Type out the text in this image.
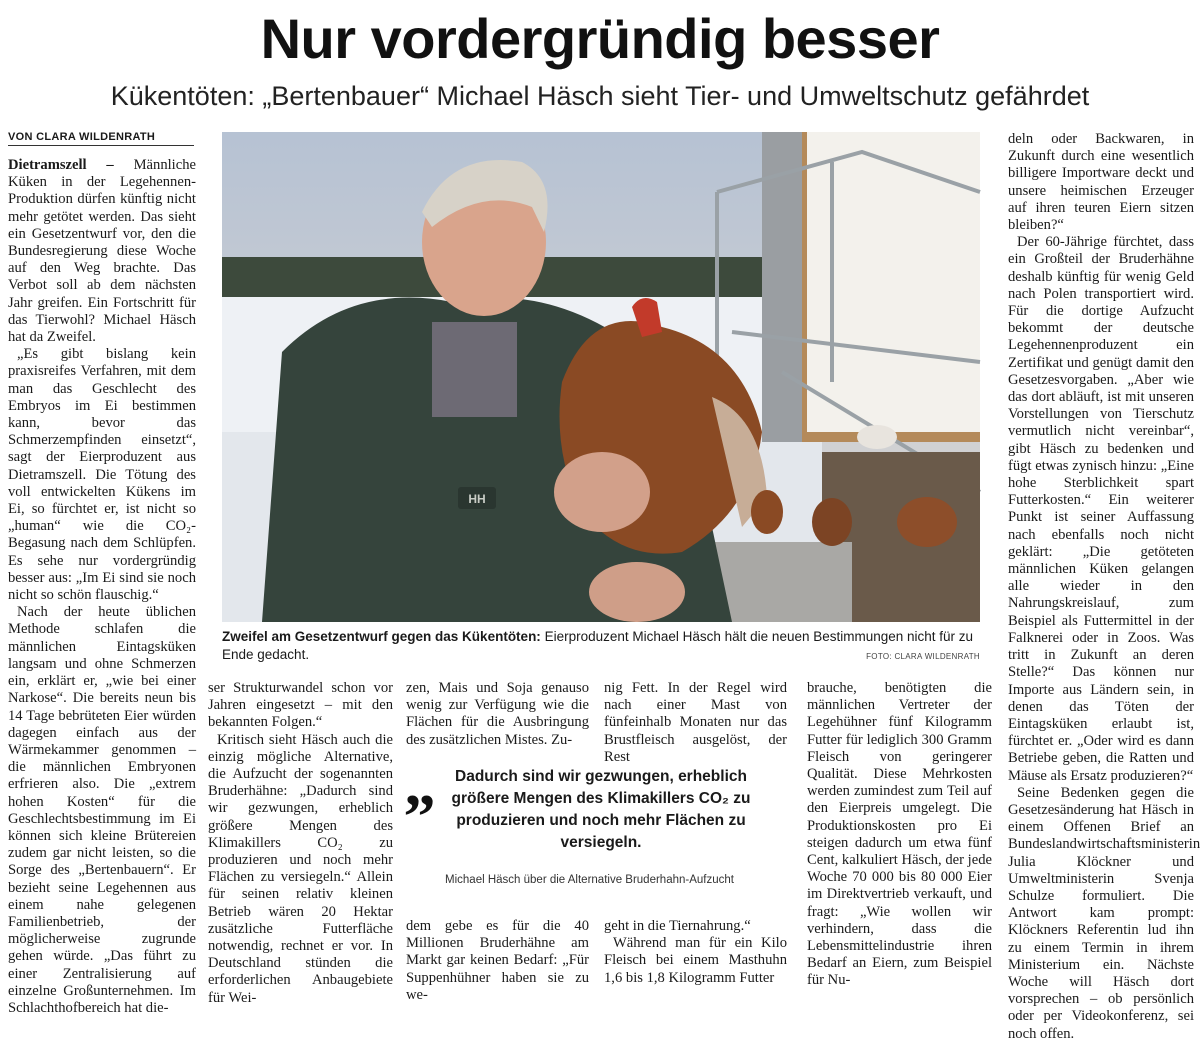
Nur vordergründig besser
Kükentöten: „Bertenbauer“ Michael Häsch sieht Tier- und Umweltschutz gefährdet
VON CLARA WILDENRATH

Dietramszell – Männliche Küken in der Legehennen-Produktion dürfen künftig nicht mehr getötet werden. Das sieht ein Gesetzentwurf vor, den die Bundesregierung diese Woche auf den Weg brachte. Das Verbot soll ab dem nächsten Jahr greifen. Ein Fortschritt für das Tierwohl? Michael Häsch hat da Zweifel.

„Es gibt bislang kein praxisreifes Verfahren, mit dem man das Geschlecht des Embryos im Ei bestimmen kann, bevor das Schmerzempfinden einsetzt“, sagt der Eierproduzent aus Dietramszell. Die Tötung des voll entwickelten Kükens im Ei, so fürchtet er, ist nicht so „human“ wie die CO₂-Begasung nach dem Schlüpfen. Es sehe nur vordergründig besser aus: „Im Ei sind sie noch nicht so schön flauschig.“

Nach der heute üblichen Methode schlafen die männlichen Eintagsküken langsam und ohne Schmerzen ein, erklärt er, „wie bei einer Narkose“. Die bereits neun bis 14 Tage bebrüteten Eier würden dagegen einfach aus der Wärmekammer genommen – die männlichen Embryonen erfrieren also. Die „extrem hohen Kosten“ für die Geschlechtsbestimmung im Ei können sich kleine Brütereien zudem gar nicht leisten, so die Sorge des „Bertenbauern“. Er bezieht seine Legehennen aus einem nahe gelegenen Familienbetrieb, der möglicherweise zugrunde gehen würde. „Das führt zu einer Zentralisierung auf einzelne Großunternehmen. Im Schlachthofbereich hat die-

HH
Zweifel am Gesetzentwurf gegen das Kükentöten: Eierproduzent Michael Häsch hält die neuen Bestimmungen nicht für zu Ende gedacht.	FOTO: CLARA WILDENRATH

ser Strukturwandel schon vor Jahren eingesetzt – mit den bekannten Folgen.“

Kritisch sieht Häsch auch die einzig mögliche Alternative, die Aufzucht der sogenannten Bruderhähne: „Dadurch sind wir gezwungen, erheblich größere Mengen des Klimakillers CO₂ zu produzieren und noch mehr Flächen zu versiegeln.“ Allein für seinen relativ kleinen Betrieb wären 20 Hektar zusätzliche Futterfläche notwendig, rechnet er vor. In Deutschland stünden die erforderlichen Anbaugebiete für Wei-

zen, Mais und Soja genauso wenig zur Verfügung wie die Flächen für die Ausbringung des zusätzlichen Mistes. Zu-

dem gebe es für die 40 Millionen Bruderhähne am Markt gar keinen Bedarf: „Für Suppenhühner haben sie zu we-

nig Fett. In der Regel wird nach einer Mast von fünfeinhalb Monaten nur das Brustfleisch ausgelöst, der Rest

geht in die Tiernahrung.“

Während man für ein Kilo Fleisch bei einem Masthuhn 1,6 bis 1,8 Kilogramm Futter

„	Dadurch sind wir gezwungen, erheblich größere Mengen des Klimakillers CO₂ zu produzieren und noch mehr Flächen zu versiegeln.
Michael Häsch über die Alternative Bruderhahn-Aufzucht

brauche, benötigten die männlichen Vertreter der Legehühner fünf Kilogramm Futter für lediglich 300 Gramm Fleisch von geringerer Qualität. Diese Mehrkosten werden zumindest zum Teil auf den Eierpreis umgelegt. Die Produktionskosten pro Ei steigen dadurch um etwa fünf Cent, kalkuliert Häsch, der jede Woche 70 000 bis 80 000 Eier im Direktvertrieb verkauft, und fragt: „Wie wollen wir verhindern, dass die Lebensmittelindustrie ihren Bedarf an Eiern, zum Beispiel für Nu-

deln oder Backwaren, in Zukunft durch eine wesentlich billigere Importware deckt und unsere heimischen Erzeuger auf ihren teuren Eiern sitzen bleiben?“

Der 60-Jährige fürchtet, dass ein Großteil der Bruderhähne deshalb künftig für wenig Geld nach Polen transportiert wird. Für die dortige Aufzucht bekommt der deutsche Legehennenproduzent ein Zertifikat und genügt damit den Gesetzesvorgaben. „Aber wie das dort abläuft, ist mit unseren Vorstellungen von Tierschutz vermutlich nicht vereinbar“, gibt Häsch zu bedenken und fügt etwas zynisch hinzu: „Eine hohe Sterblichkeit spart Futterkosten.“ Ein weiterer Punkt ist seiner Auffassung nach ebenfalls noch nicht geklärt: „Die getöteten männlichen Küken gelangen alle wieder in den Nahrungskreislauf, zum Beispiel als Futtermittel in der Falknerei oder in Zoos. Was tritt in Zukunft an deren Stelle?“ Das können nur Importe aus Ländern sein, in denen das Töten der Eintagsküken erlaubt ist, fürchtet er. „Oder wird es dann Betriebe geben, die Ratten und Mäuse als Ersatz produzieren?“

Seine Bedenken gegen die Gesetzesänderung hat Häsch in einem Offenen Brief an Bundeslandwirtschaftsministerin Julia Klöckner und Umweltministerin Svenja Schulze formuliert. Die Antwort kam prompt: Klöckners Referentin lud ihn zu einem Termin in ihrem Ministerium ein. Nächste Woche will Häsch dort vorsprechen – ob persönlich oder per Videokonferenz, sei noch offen.
